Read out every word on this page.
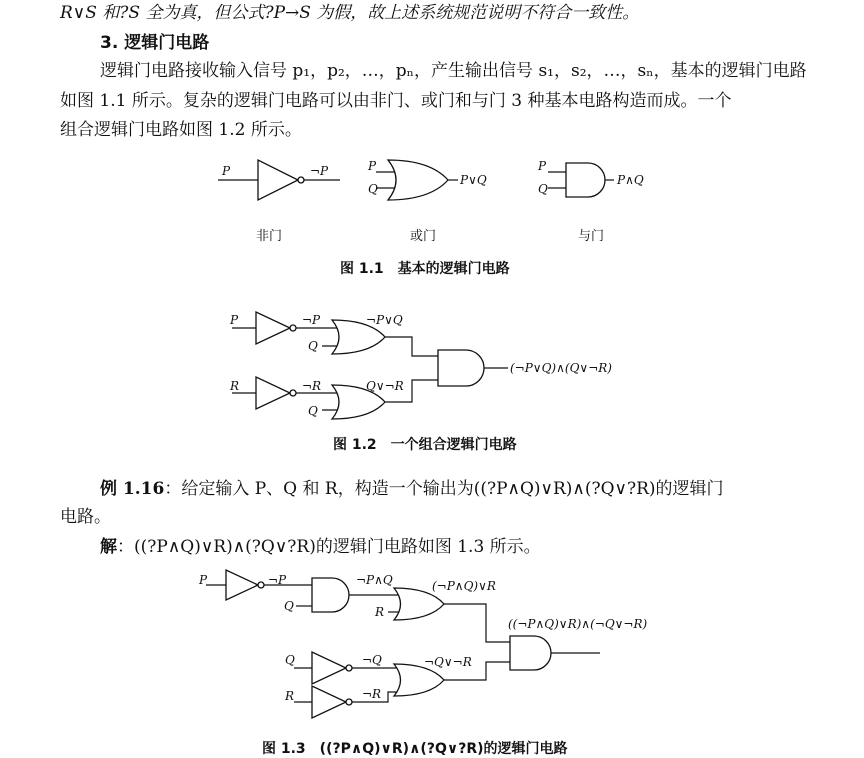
R∨S 和?S 全为真，但公式?P→S 为假，故上述系统规范说明不符合一致性。
3. 逻辑门电路
逻辑门电路接收输入信号 p₁，p₂，…，pₙ，产生输出信号 s₁，s₂，…，sₙ，基本的逻辑门电路
如图 1.1 所示。复杂的逻辑门电路可以由非门、或门和与门 3 种基本电路构造而成。一个
组合逻辑门电路如图 1.2 所示。
P	¬P
非门
P
Q
P∨Q
或门
P
Q
P∧Q
与门
图 1.1　基本的逻辑门电路
P	¬P
Q
¬P∨Q
R	¬R
Q
Q∨¬R
(¬P∨Q)∧(Q∨¬R)
图 1.2　一个组合逻辑门电路
例 1.16：给定输入 P、Q 和 R，构造一个输出为((?P∧Q)∨R)∧(?Q∨?R)的逻辑门
电路。
解：((?P∧Q)∨R)∧(?Q∨?R)的逻辑门电路如图 1.3 所示。
P	¬P
Q
¬P∧Q
R
(¬P∧Q)∨R
Q	¬Q
R	¬R
¬Q∨¬R
((¬P∧Q)∨R)∧(¬Q∨¬R)
图 1.3　((?P∧Q)∨R)∧(?Q∨?R)的逻辑门电路
